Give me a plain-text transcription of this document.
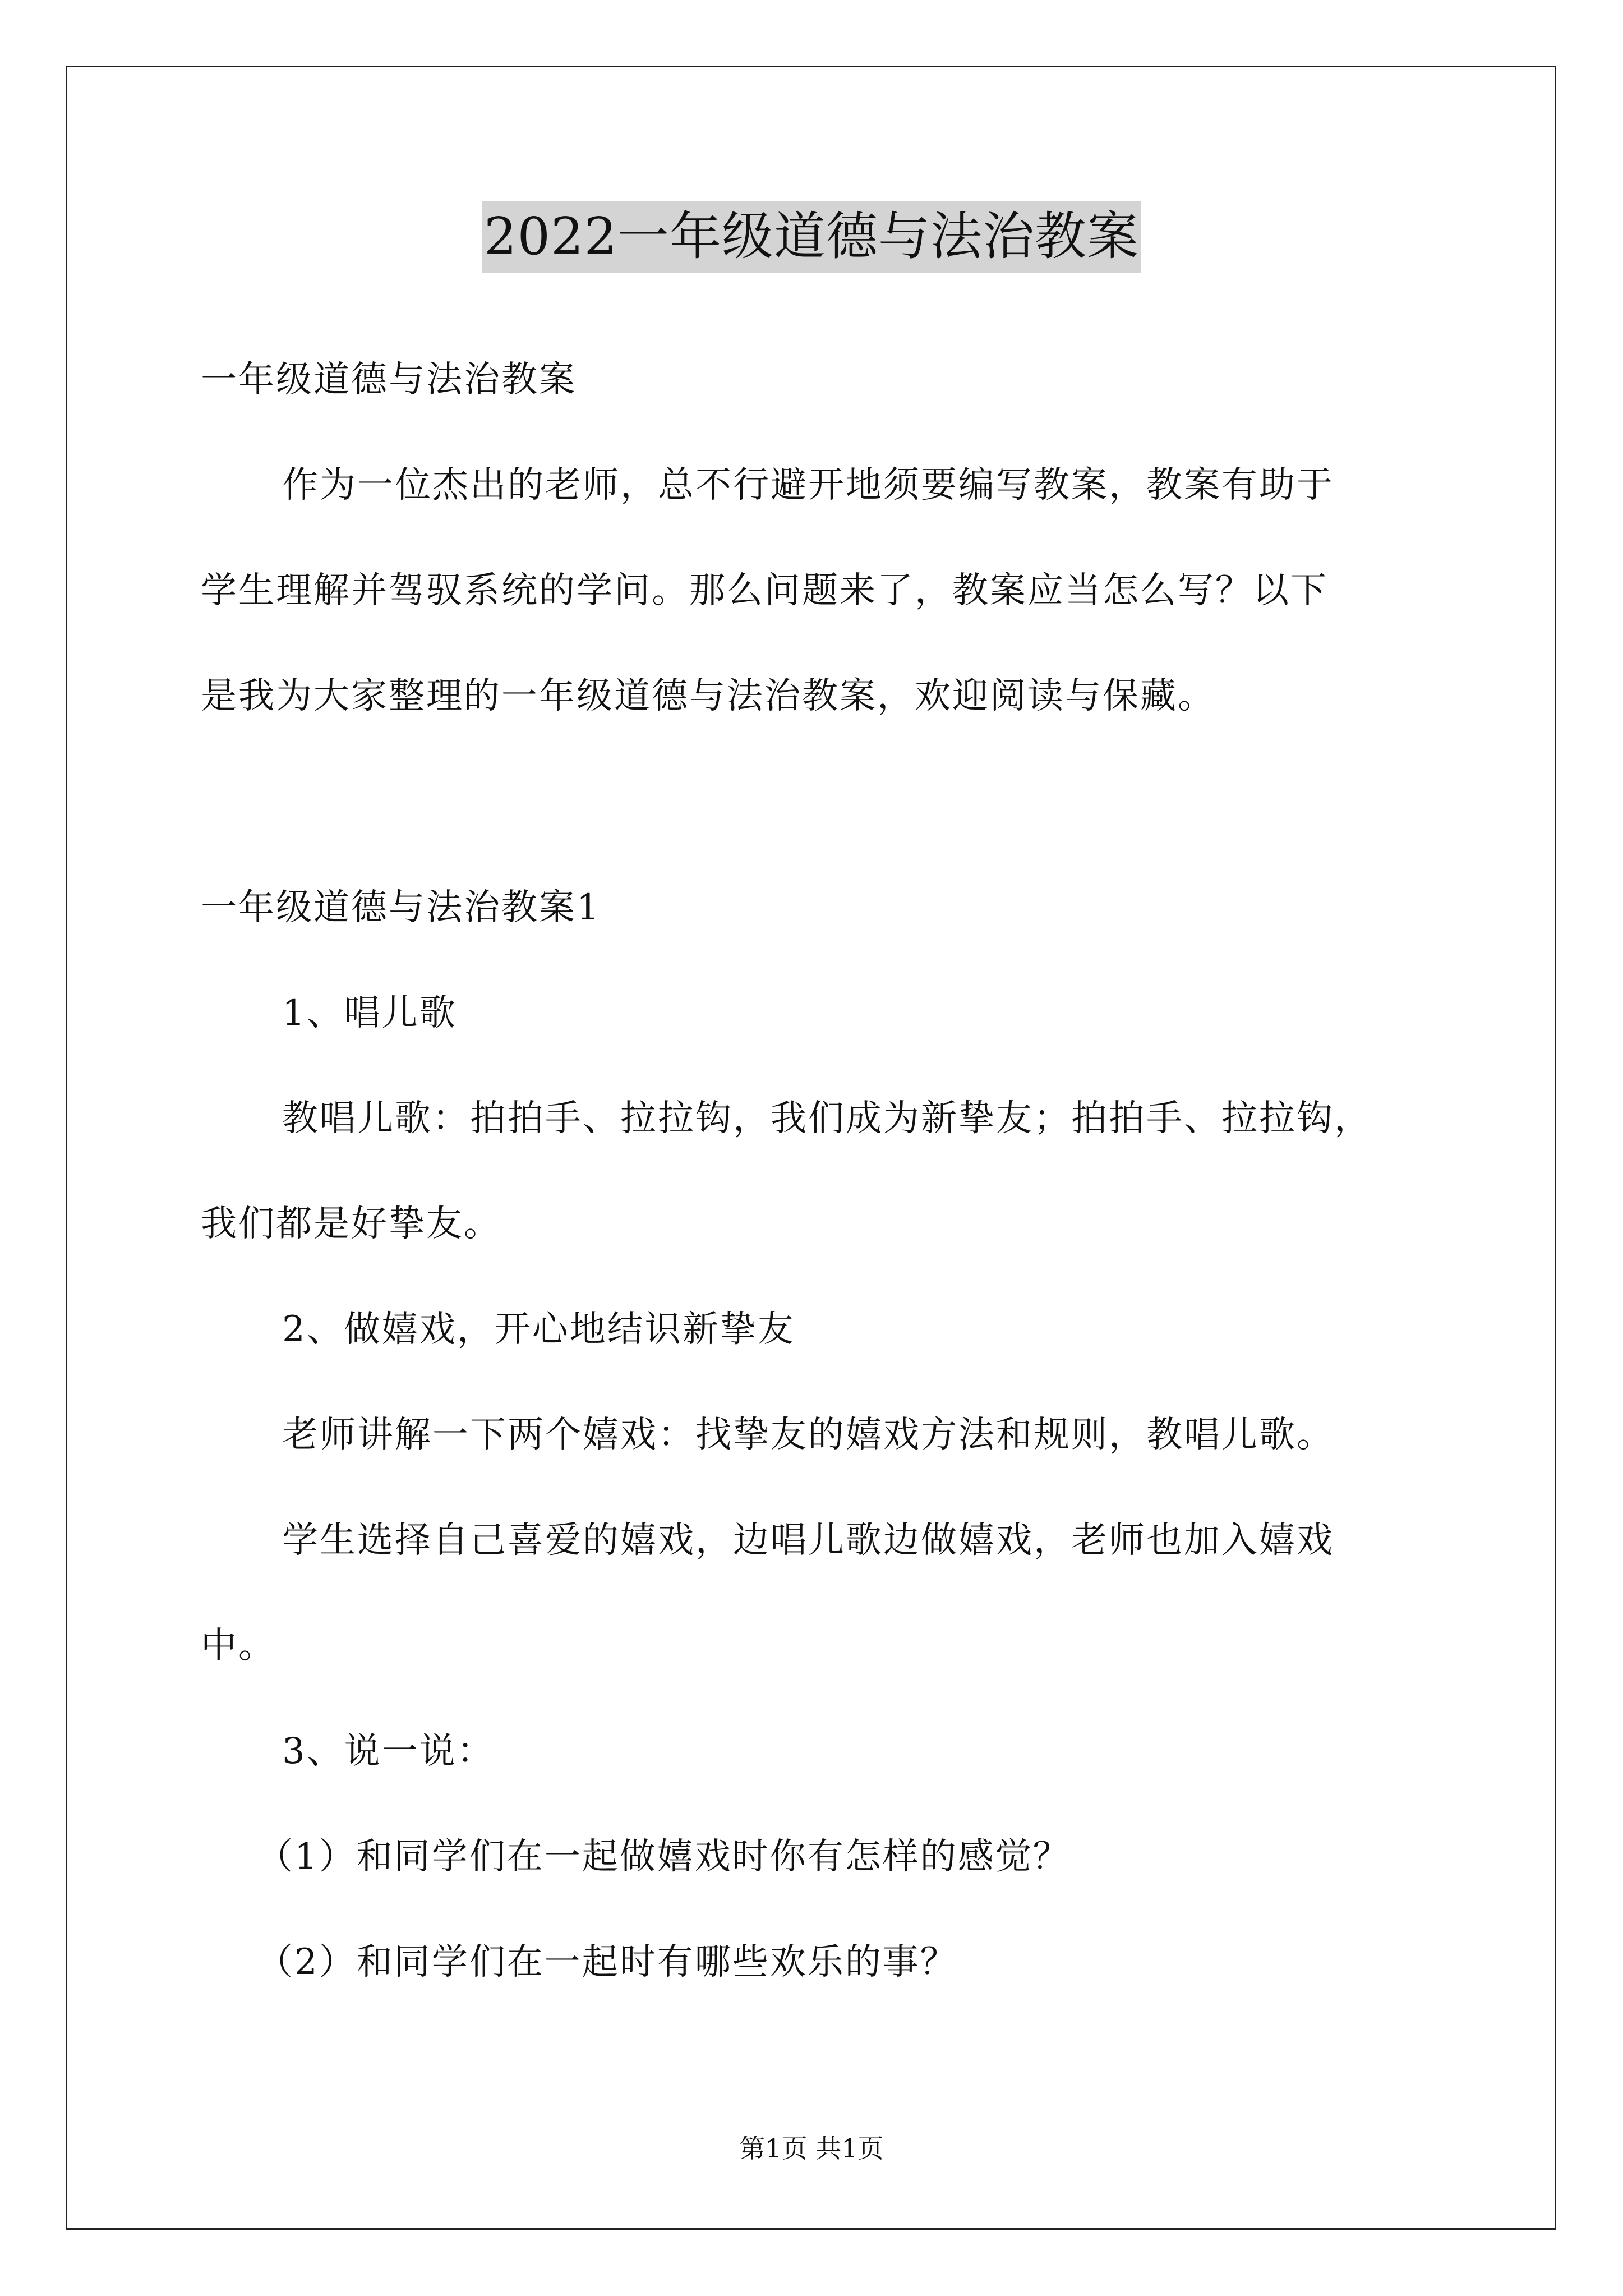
2022一年级道德与法治教案
一年级道德与法治教案
作为一位杰出的老师，总不行避开地须要编写教案，教案有助于
学生理解并驾驭系统的学问。那么问题来了，教案应当怎么写？以下
是我为大家整理的一年级道德与法治教案，欢迎阅读与保藏。
一年级道德与法治教案1
1、唱儿歌
教唱儿歌：拍拍手、拉拉钩，我们成为新挚友；拍拍手、拉拉钩，
我们都是好挚友。
2、做嬉戏，开心地结识新挚友
老师讲解一下两个嬉戏：找挚友的嬉戏方法和规则，教唱儿歌。
学生选择自己喜爱的嬉戏，边唱儿歌边做嬉戏，老师也加入嬉戏
中。
3、说一说：
（1）和同学们在一起做嬉戏时你有怎样的感觉？
（2）和同学们在一起时有哪些欢乐的事？
第1页 共1页
